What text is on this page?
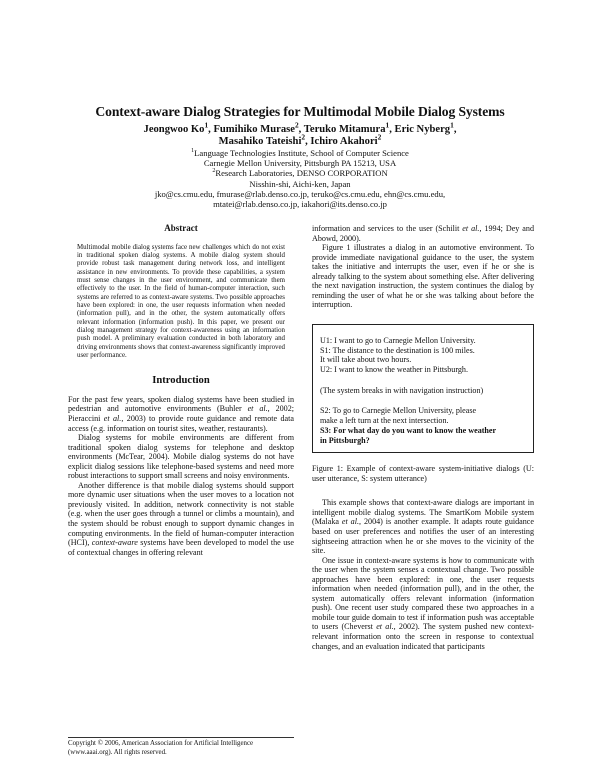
Context-aware Dialog Strategies for Multimodal Mobile Dialog Systems
Jeongwoo Ko$^1$, Fumihiko Murase$^2$, Teruko Mitamura$^1$, Eric Nyberg$^1$,
Masahiko Tateishi$^2$, Ichiro Akahori$^2$
$^1$Language Technologies Institute, School of Computer Science
Carnegie Mellon University, Pittsburgh PA 15213, USA
$^2$Research Laboratories, DENSO CORPORATION
Nisshin-shi, Aichi-ken, Japan
jko@cs.cmu.edu, fmurase@rlab.denso.co.jp, teruko@cs.cmu.edu, ehn@cs.cmu.edu,
mtatei@rlab.denso.co.jp, iakahori@its.denso.co.jp
Abstract

Multimodal mobile dialog systems face new challenges which do not exist in traditional spoken dialog systems. A mobile dialog system should provide robust task management during network loss, and intelligent assistance in new environments. To provide these capabilities, a system must sense changes in the user environment, and communicate them effectively to the user. In the field of human-computer interaction, such systems are referred to as context-aware systems. Two possible approaches have been explored: in one, the user requests information when needed (information pull), and in the other, the system automatically offers relevant information (information push). In this paper, we present our dialog management strategy for context-awareness using an information push model. A preliminary evaluation conducted in both laboratory and driving environments shows that context-awareness significantly improved user performance.

Introduction

For the past few years, spoken dialog systems have been studied in pedestrian and automotive environments (Buhler et al., 2002; Pieraccini et al., 2003) to provide route guidance and remote data access (e.g. information on tourist sites, weather, restaurants).

Dialog systems for mobile environments are different from traditional spoken dialog systems for telephone and desktop environments (McTear, 2004). Mobile dialog systems do not have explicit dialog sessions like telephone-based systems and need more robust interactions to support small screens and noisy environments.

Another difference is that mobile dialog systems should support more dynamic user situations when the user moves to a location not previously visited. In addition, network connectivity is not stable (e.g. when the user goes through a tunnel or climbs a mountain), and the system should be robust enough to support dynamic changes in computing environments. In the field of human-computer interaction (HCI), context-aware systems have been developed to model the use of contextual changes in offering relevant

Copyright © 2006, American Association for Artificial Intelligence (www.aaai.org). All rights reserved.

information and services to the user (Schilit et al., 1994; Dey and Abowd, 2000).

Figure 1 illustrates a dialog in an automotive environment. To provide immediate navigational guidance to the user, the system takes the initiative and interrupts the user, even if he or she is already talking to the system about something else. After delivering the next navigation instruction, the system continues the dialog by reminding the user of what he or she was talking about before the interruption.

U1: I want to go to Carnegie Mellon University.
S1: The distance to the destination is 100 miles.
It will take about two hours.
U2: I want to know the weather in Pittsburgh.
(The system breaks in with navigation instruction)
S2: To go to Carnegie Mellon University, please
make a left turn at the next intersection.
S3: For what day do you want to know the weather
in Pittsburgh?

Figure 1: Example of context-aware system-initiative dialogs (U: user utterance, S: system utterance)

This example shows that context-aware dialogs are important in intelligent mobile dialog systems. The SmartKom Mobile system (Malaka et al., 2004) is another example. It adapts route guidance based on user preferences and notifies the user of an interesting sightseeing attraction when he or she moves to the vicinity of the site.

One issue in context-aware systems is how to communicate with the user when the system senses a contextual change. Two possible approaches have been explored: in one, the user requests information when needed (information pull), and in the other, the system automatically offers relevant information (information push). One recent user study compared these two approaches in a mobile tour guide domain to test if information push was acceptable to users (Cheverst et al., 2002). The system pushed new context-relevant information onto the screen in response to contextual changes, and an evaluation indicated that participants
